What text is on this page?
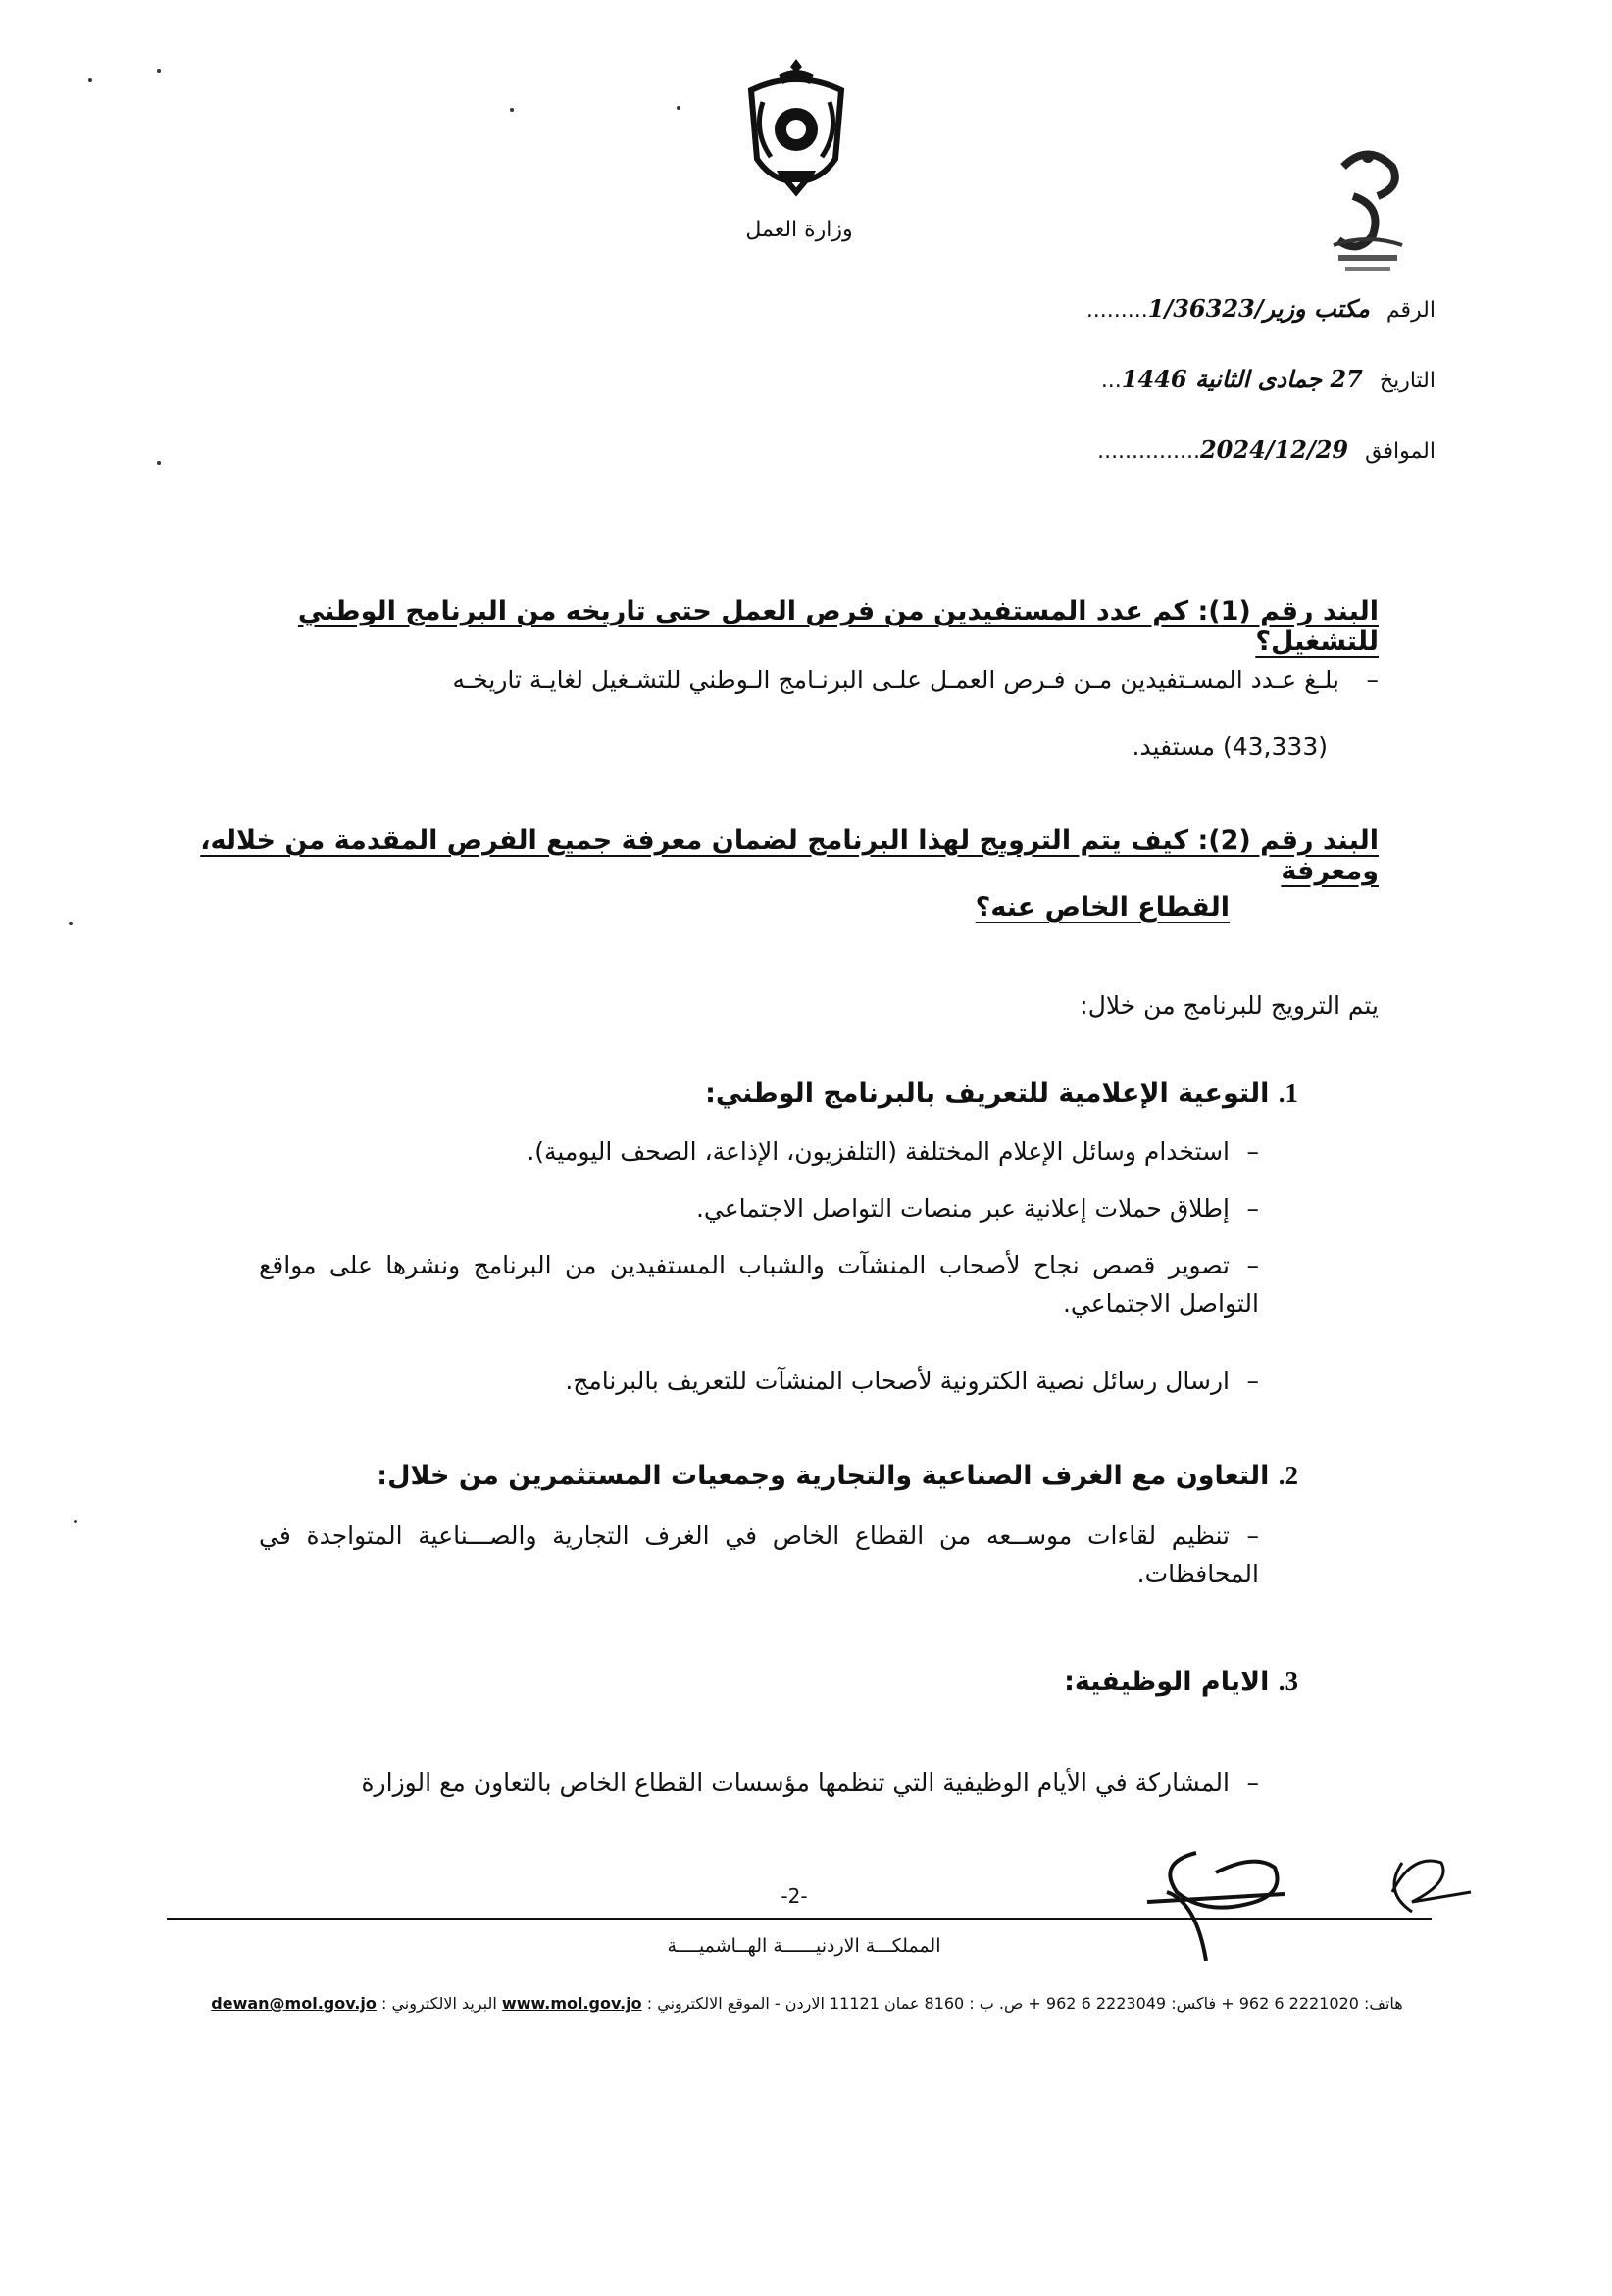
وزارة العمل
الرقم مكتب وزير/1/36323.........
التاريخ 27 جمادى الثانية 1446...
الموافق 2024/12/29...............
البند رقم (1): كم عدد المستفيدين من فرص العمل حتى تاريخه من البرنامج الوطني للتشغيل؟
–بلـغ عـدد المسـتفيدين مـن فـرص العمـل علـى البرنـامج الـوطني للتشـغيل لغايـة تاريخـه
(43,333) مستفيد.
البند رقم (2): كيف يتم الترويج لهذا البرنامج لضمان معرفة جميع الفرص المقدمة من خلاله، ومعرفة
القطاع الخاص عنه؟
يتم الترويج للبرنامج من خلال:
1. التوعية الإعلامية للتعريف بالبرنامج الوطني:
–استخدام وسائل الإعلام المختلفة (التلفزيون، الإذاعة، الصحف اليومية).
–إطلاق حملات إعلانية عبر منصات التواصل الاجتماعي.
–تصوير قصص نجاح لأصحاب المنشآت والشباب المستفيدين من البرنامج ونشرها على مواقع التواصل الاجتماعي.
–ارسال رسائل نصية الكترونية لأصحاب المنشآت للتعريف بالبرنامج.
2. التعاون مع الغرف الصناعية والتجارية وجمعيات المستثمرين من خلال:
–تنظيم لقاءات موســعه من القطاع الخاص في الغرف التجارية والصـــناعية المتواجدة في المحافظات.
3. الايام الوظيفية:
–المشاركة في الأيام الوظيفية التي تنظمها مؤسسات القطاع الخاص بالتعاون مع الوزارة
-2-
المملكـــة الاردنيــــــة الهــاشميــــة
هاتف: 2221020 6 962 + فاكس: 2223049 6 962 + ص. ب : 8160 عمان 11121 الاردن - الموقع الالكتروني : www.mol.gov.jo البريد الالكتروني : dewan@mol.gov.jo
